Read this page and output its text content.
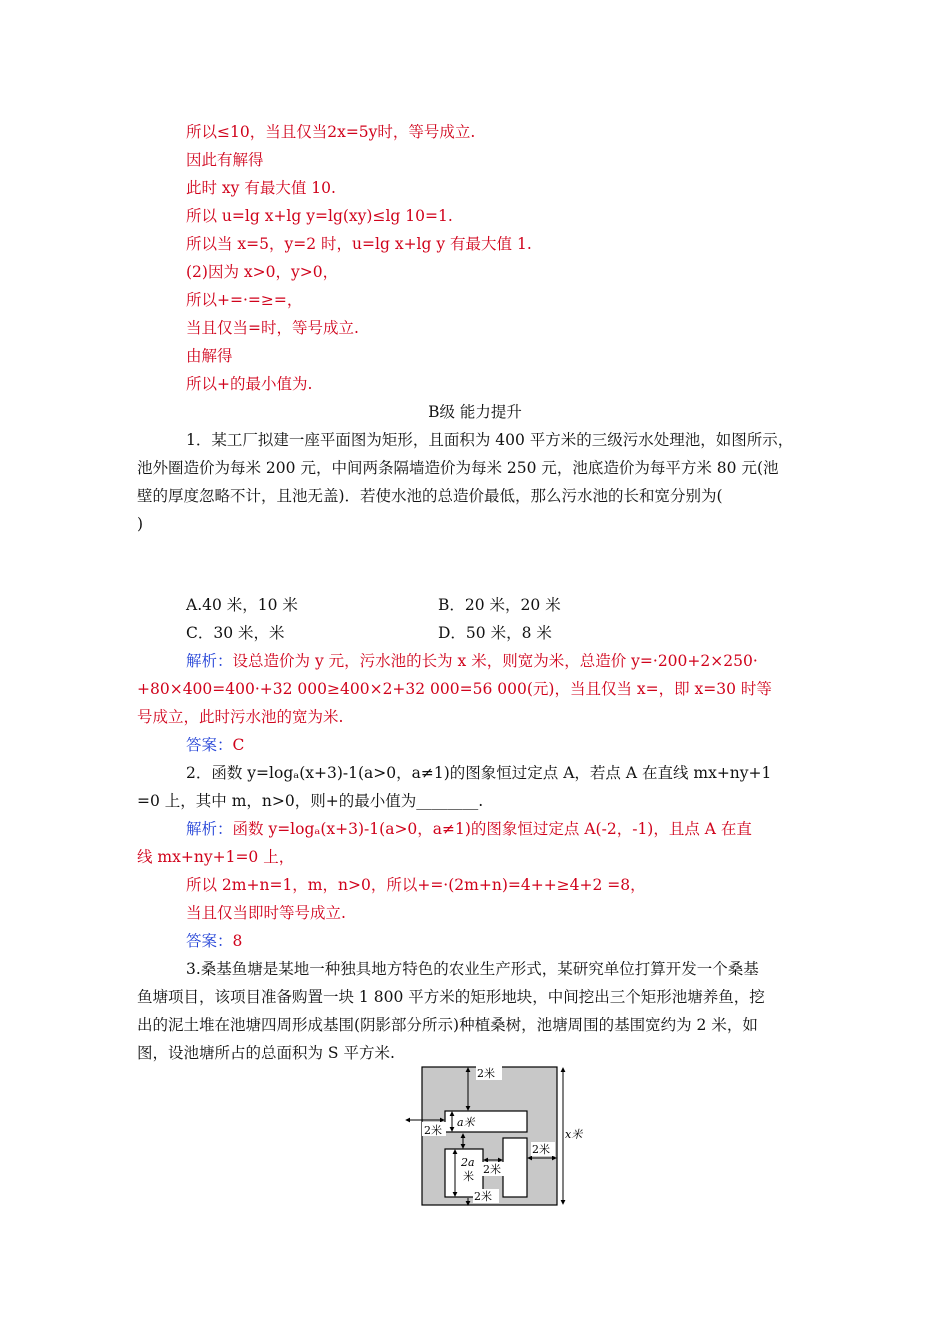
所以≤10，当且仅当2x=5y时，等号成立.
因此有解得
此时 xy 有最大值 10.
所以 u=lg x+lg y=lg(xy)≤lg 10=1.
所以当 x=5，y=2 时，u=lg x+lg y 有最大值 1.
(2)因为 x>0，y>0，
所以+=·=≥=，
当且仅当=时，等号成立.
由解得
所以+的最小值为.
B级 能力提升
1．某工厂拟建一座平面图为矩形，且面积为 400 平方米的三级污水处理池，如图所示，
池外圈造价为每米 200 元，中间两条隔墙造价为每米 250 元，池底造价为每平方米 80 元(池
壁的厚度忽略不计，且池无盖)．若使水池的总造价最低，那么污水池的长和宽分别为(
)
A.40 米，10 米	B．20 米，20 米
C．30 米，米	D．50 米，8 米
解析：设总造价为 y 元，污水池的长为 x 米，则宽为米，总造价 y=·200+2×250·
+80×400=400·+32 000≥400×2+32 000=56 000(元)，当且仅当 x=，即 x=30 时等
号成立，此时污水池的宽为米.
答案：C
2．函数 y=logₐ(x+3)-1(a>0，a≠1)的图象恒过定点 A，若点 A 在直线 mx+ny+1
=0 上，其中 m，n>0，则+的最小值为________.
解析：函数 y=logₐ(x+3)-1(a>0，a≠1)的图象恒过定点 A(-2，-1)，且点 A 在直
线 mx+ny+1=0 上，
所以 2m+n=1，m，n>0，所以+=·(2m+n)=4++≥4+2 =8，
当且仅当即时等号成立.
答案：8
3.桑基鱼塘是某地一种独具地方特色的农业生产形式，某研究单位打算开发一个桑基
鱼塘项目，该项目准备购置一块 1 800 平方米的矩形地块，中间挖出三个矩形池塘养鱼，挖
出的泥土堆在池塘四周形成基围(阴影部分所示)种植桑树，池塘周围的基围宽约为 2 米，如
图，设池塘所占的总面积为 S 平方米.
2米
2米
a米
2a
米
2米
2米
2米
x米
